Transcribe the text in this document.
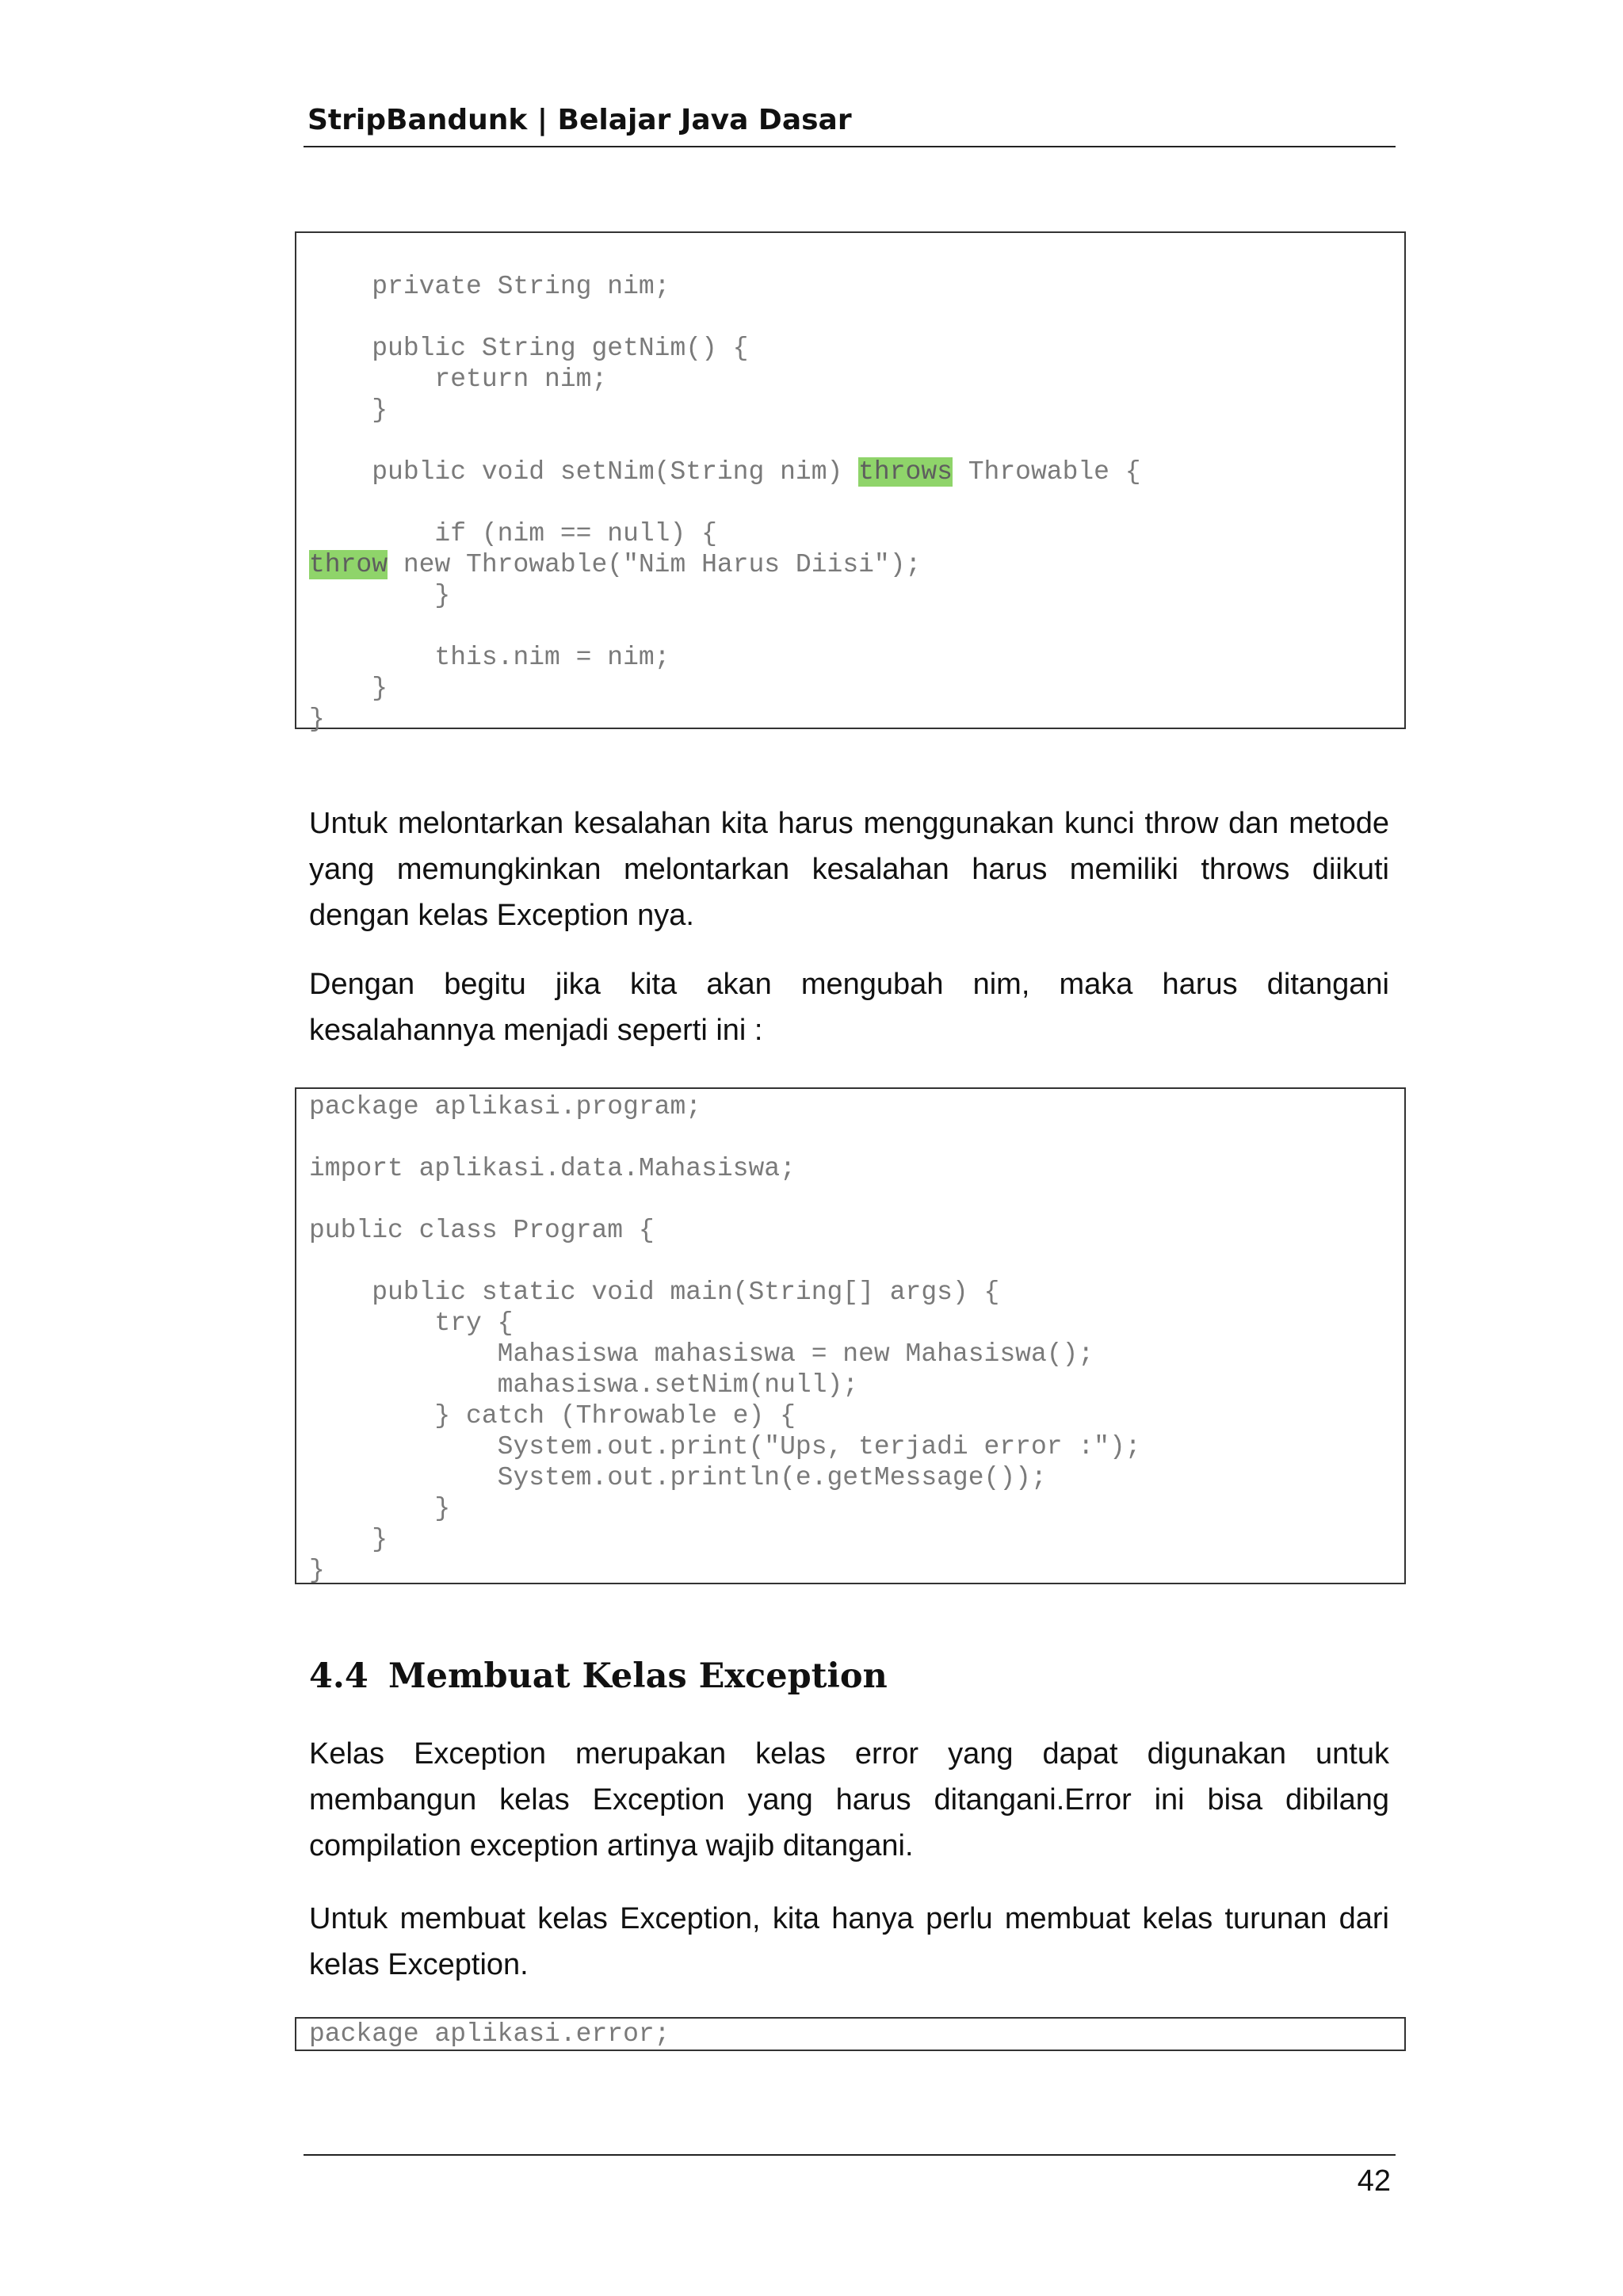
StripBandunk | Belajar Java Dasar

private String nim;

public String getNim() {
return nim;
}

public void setNim(String nim) throws Throwable {

if (nim == null) {
throw new Throwable("Nim Harus Diisi");
}

this.nim = nim;
}
}

Untuk melontarkan kesalahan kita harus menggunakan kunci throw dan metode yang memungkinkan melontarkan kesalahan harus memiliki throws diikuti dengan kelas Exception nya.

Dengan begitu jika kita akan mengubah nim, maka harus ditangani kesalahannya menjadi seperti ini :

package aplikasi.program;

import aplikasi.data.Mahasiswa;

public class Program {

public static void main(String[] args) {
try {
Mahasiswa mahasiswa = new Mahasiswa();
mahasiswa.setNim(null);
} catch (Throwable e) {
System.out.print("Ups, terjadi error :");
System.out.println(e.getMessage());
}
}
}
4.4 Membuat Kelas Exception

Kelas Exception merupakan kelas error yang dapat digunakan untuk membangun kelas Exception yang harus ditangani.Error ini bisa dibilang compilation exception artinya wajib ditangani.

Untuk membuat kelas Exception, kita hanya perlu membuat kelas turunan dari kelas Exception.

package aplikasi.error;
42
